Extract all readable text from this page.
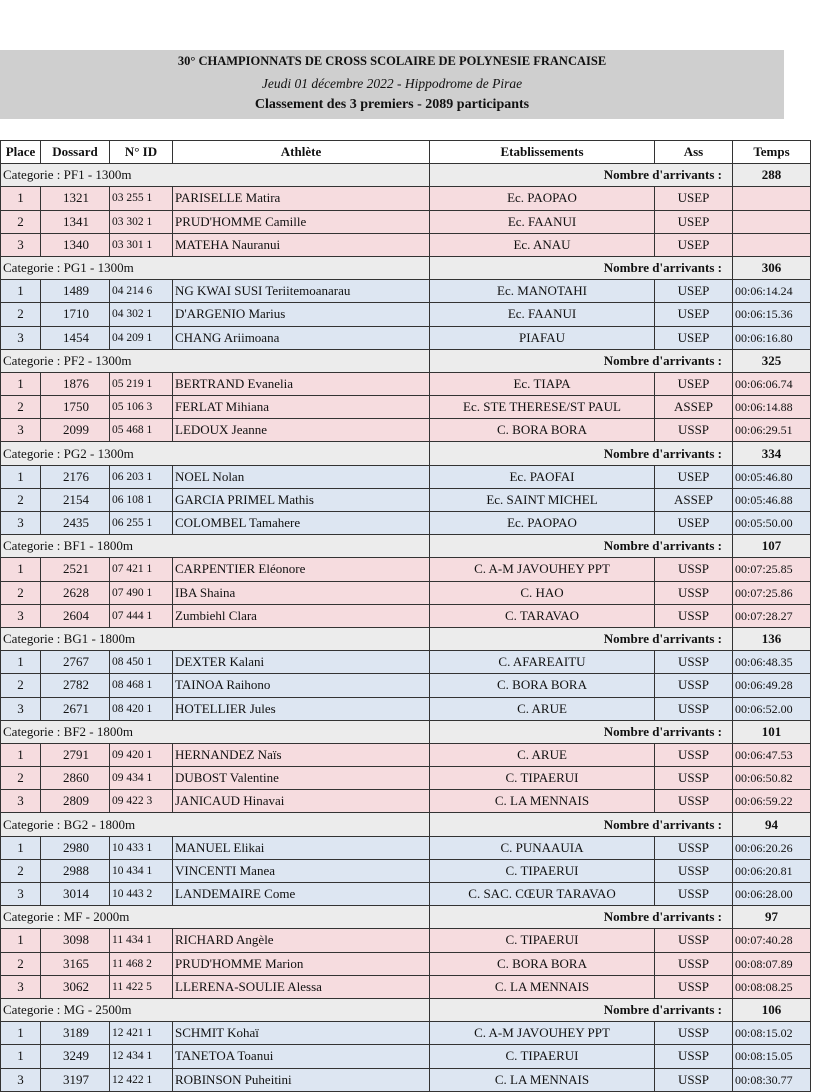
30° CHAMPIONNATS DE CROSS SCOLAIRE DE POLYNESIE FRANCAISE
Jeudi 01 décembre 2022 - Hippodrome de Pirae
Classement des 3 premiers - 2089 participants
Place	Dossard	N° ID	Athlète	Etablissements	Ass	Temps
Categorie : PF1 - 1300m				Nombre d'arrivants :		288
1	1321	03 255 1	PARISELLE Matira	Ec. PAOPAO	USEP	
2	1341	03 302 1	PRUD'HOMME Camille	Ec. FAANUI	USEP	
3	1340	03 301 1	MATEHA Nauranui	Ec. ANAU	USEP	
Categorie : PG1 - 1300m				Nombre d'arrivants :		306
1	1489	04 214 6	NG KWAI SUSI Teriitemoanarau	Ec. MANOTAHI	USEP	00:06:14.24
2	1710	04 302 1	D'ARGENIO Marius	Ec. FAANUI	USEP	00:06:15.36
3	1454	04 209 1	CHANG Ariimoana	PIAFAU	USEP	00:06:16.80
Categorie : PF2 - 1300m				Nombre d'arrivants :		325
1	1876	05 219 1	BERTRAND Evanelia	Ec. TIAPA	USEP	00:06:06.74
2	1750	05 106 3	FERLAT Mihiana	Ec. STE THERESE/ST PAUL	ASSEP	00:06:14.88
3	2099	05 468 1	LEDOUX Jeanne	C. BORA BORA	USSP	00:06:29.51
Categorie : PG2 - 1300m				Nombre d'arrivants :		334
1	2176	06 203 1	NOEL Nolan	Ec. PAOFAI	USEP	00:05:46.80
2	2154	06 108 1	GARCIA PRIMEL Mathis	Ec. SAINT MICHEL	ASSEP	00:05:46.88
3	2435	06 255 1	COLOMBEL Tamahere	Ec. PAOPAO	USEP	00:05:50.00
Categorie : BF1 - 1800m				Nombre d'arrivants :		107
1	2521	07 421 1	CARPENTIER Eléonore	C. A-M JAVOUHEY PPT	USSP	00:07:25.85
2	2628	07 490 1	IBA Shaina	C. HAO	USSP	00:07:25.86
3	2604	07 444 1	Zumbiehl Clara	C. TARAVAO	USSP	00:07:28.27
Categorie : BG1 - 1800m				Nombre d'arrivants :		136
1	2767	08 450 1	DEXTER Kalani	C. AFAREAITU	USSP	00:06:48.35
2	2782	08 468 1	TAINOA Raihono	C. BORA BORA	USSP	00:06:49.28
3	2671	08 420 1	HOTELLIER Jules	C. ARUE	USSP	00:06:52.00
Categorie : BF2 - 1800m				Nombre d'arrivants :		101
1	2791	09 420 1	HERNANDEZ Naïs	C. ARUE	USSP	00:06:47.53
2	2860	09 434 1	DUBOST Valentine	C. TIPAERUI	USSP	00:06:50.82
3	2809	09 422 3	JANICAUD Hinavai	C. LA MENNAIS	USSP	00:06:59.22
Categorie : BG2 - 1800m				Nombre d'arrivants :		94
1	2980	10 433 1	MANUEL Elikai	C. PUNAAUIA	USSP	00:06:20.26
2	2988	10 434 1	VINCENTI Manea	C. TIPAERUI	USSP	00:06:20.81
3	3014	10 443 2	LANDEMAIRE Come	C. SAC. CŒUR TARAVAO	USSP	00:06:28.00
Categorie : MF - 2000m				Nombre d'arrivants :		97
1	3098	11 434 1	RICHARD Angèle	C. TIPAERUI	USSP	00:07:40.28
2	3165	11 468 2	PRUD'HOMME Marion	C. BORA BORA	USSP	00:08:07.89
3	3062	11 422 5	LLERENA-SOULIE Alessa	C. LA MENNAIS	USSP	00:08:08.25
Categorie : MG - 2500m				Nombre d'arrivants :		106
1	3189	12 421 1	SCHMIT Kohaï	C. A-M JAVOUHEY PPT	USSP	00:08:15.02
1	3249	12 434 1	TANETOA Toanui	C. TIPAERUI	USSP	00:08:15.05
3	3197	12 422 1	ROBINSON Puheitini	C. LA MENNAIS	USSP	00:08:30.77
